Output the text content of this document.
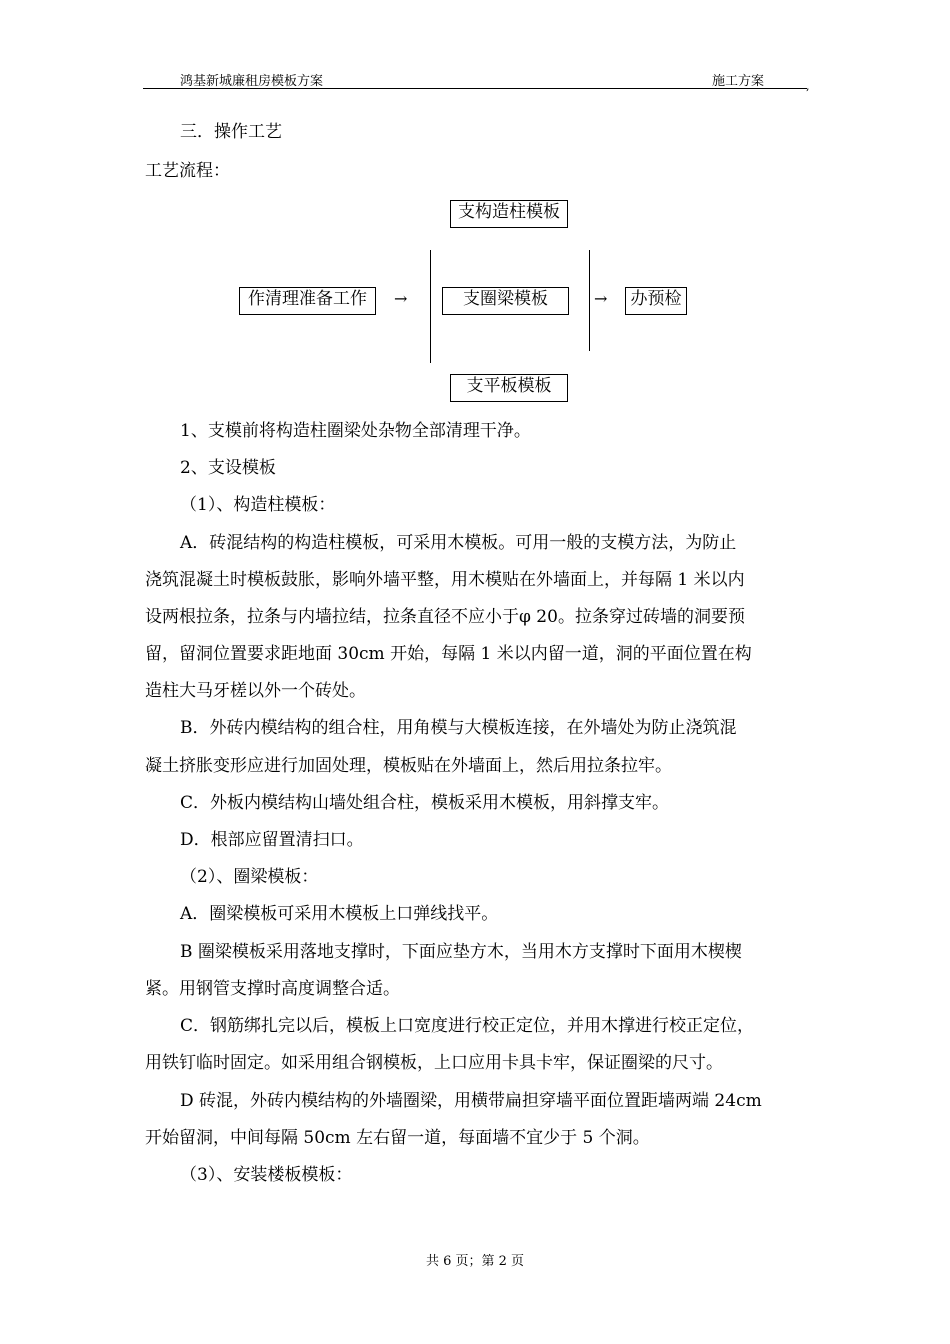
鸿基新城廉租房模板方案	施工方案	,
三．操作工艺
工艺流程：
支构造柱模板
作清理准备工作	→	支圈梁模板	→	办预检
支平板模板
1、支模前将构造柱圈梁处杂物全部清理干净。
2、支设模板
（1）、构造柱模板：
A．砖混结构的构造柱模板，可采用木模板。可用一般的支模方法，为防止
浇筑混凝土时模板鼓胀，影响外墙平整，用木模贴在外墙面上，并每隔 1 米以内
设两根拉条，拉条与内墙拉结，拉条直径不应小于φ 20。拉条穿过砖墙的洞要预
留，留洞位置要求距地面 30cm 开始，每隔 1 米以内留一道，洞的平面位置在构
造柱大马牙槎以外一个砖处。
B．外砖内模结构的组合柱，用角模与大模板连接，在外墙处为防止浇筑混
凝土挤胀变形应进行加固处理，模板贴在外墙面上，然后用拉条拉牢。
C．外板内模结构山墙处组合柱，模板采用木模板，用斜撑支牢。
D．根部应留置清扫口。
（2）、圈梁模板：
A．圈梁模板可采用木模板上口弹线找平。
B 圈梁模板采用落地支撑时，下面应垫方木，当用木方支撑时下面用木楔楔
紧。用钢管支撑时高度调整合适。
C．钢筋绑扎完以后，模板上口宽度进行校正定位，并用木撑进行校正定位，
用铁钉临时固定。如采用组合钢模板，上口应用卡具卡牢，保证圈梁的尺寸。
D 砖混，外砖内模结构的外墙圈梁，用横带扁担穿墙平面位置距墙两端 24cm
开始留洞，中间每隔 50cm 左右留一道，每面墙不宜少于 5 个洞。
（3）、安装楼板模板：
共 6 页；第 2 页
